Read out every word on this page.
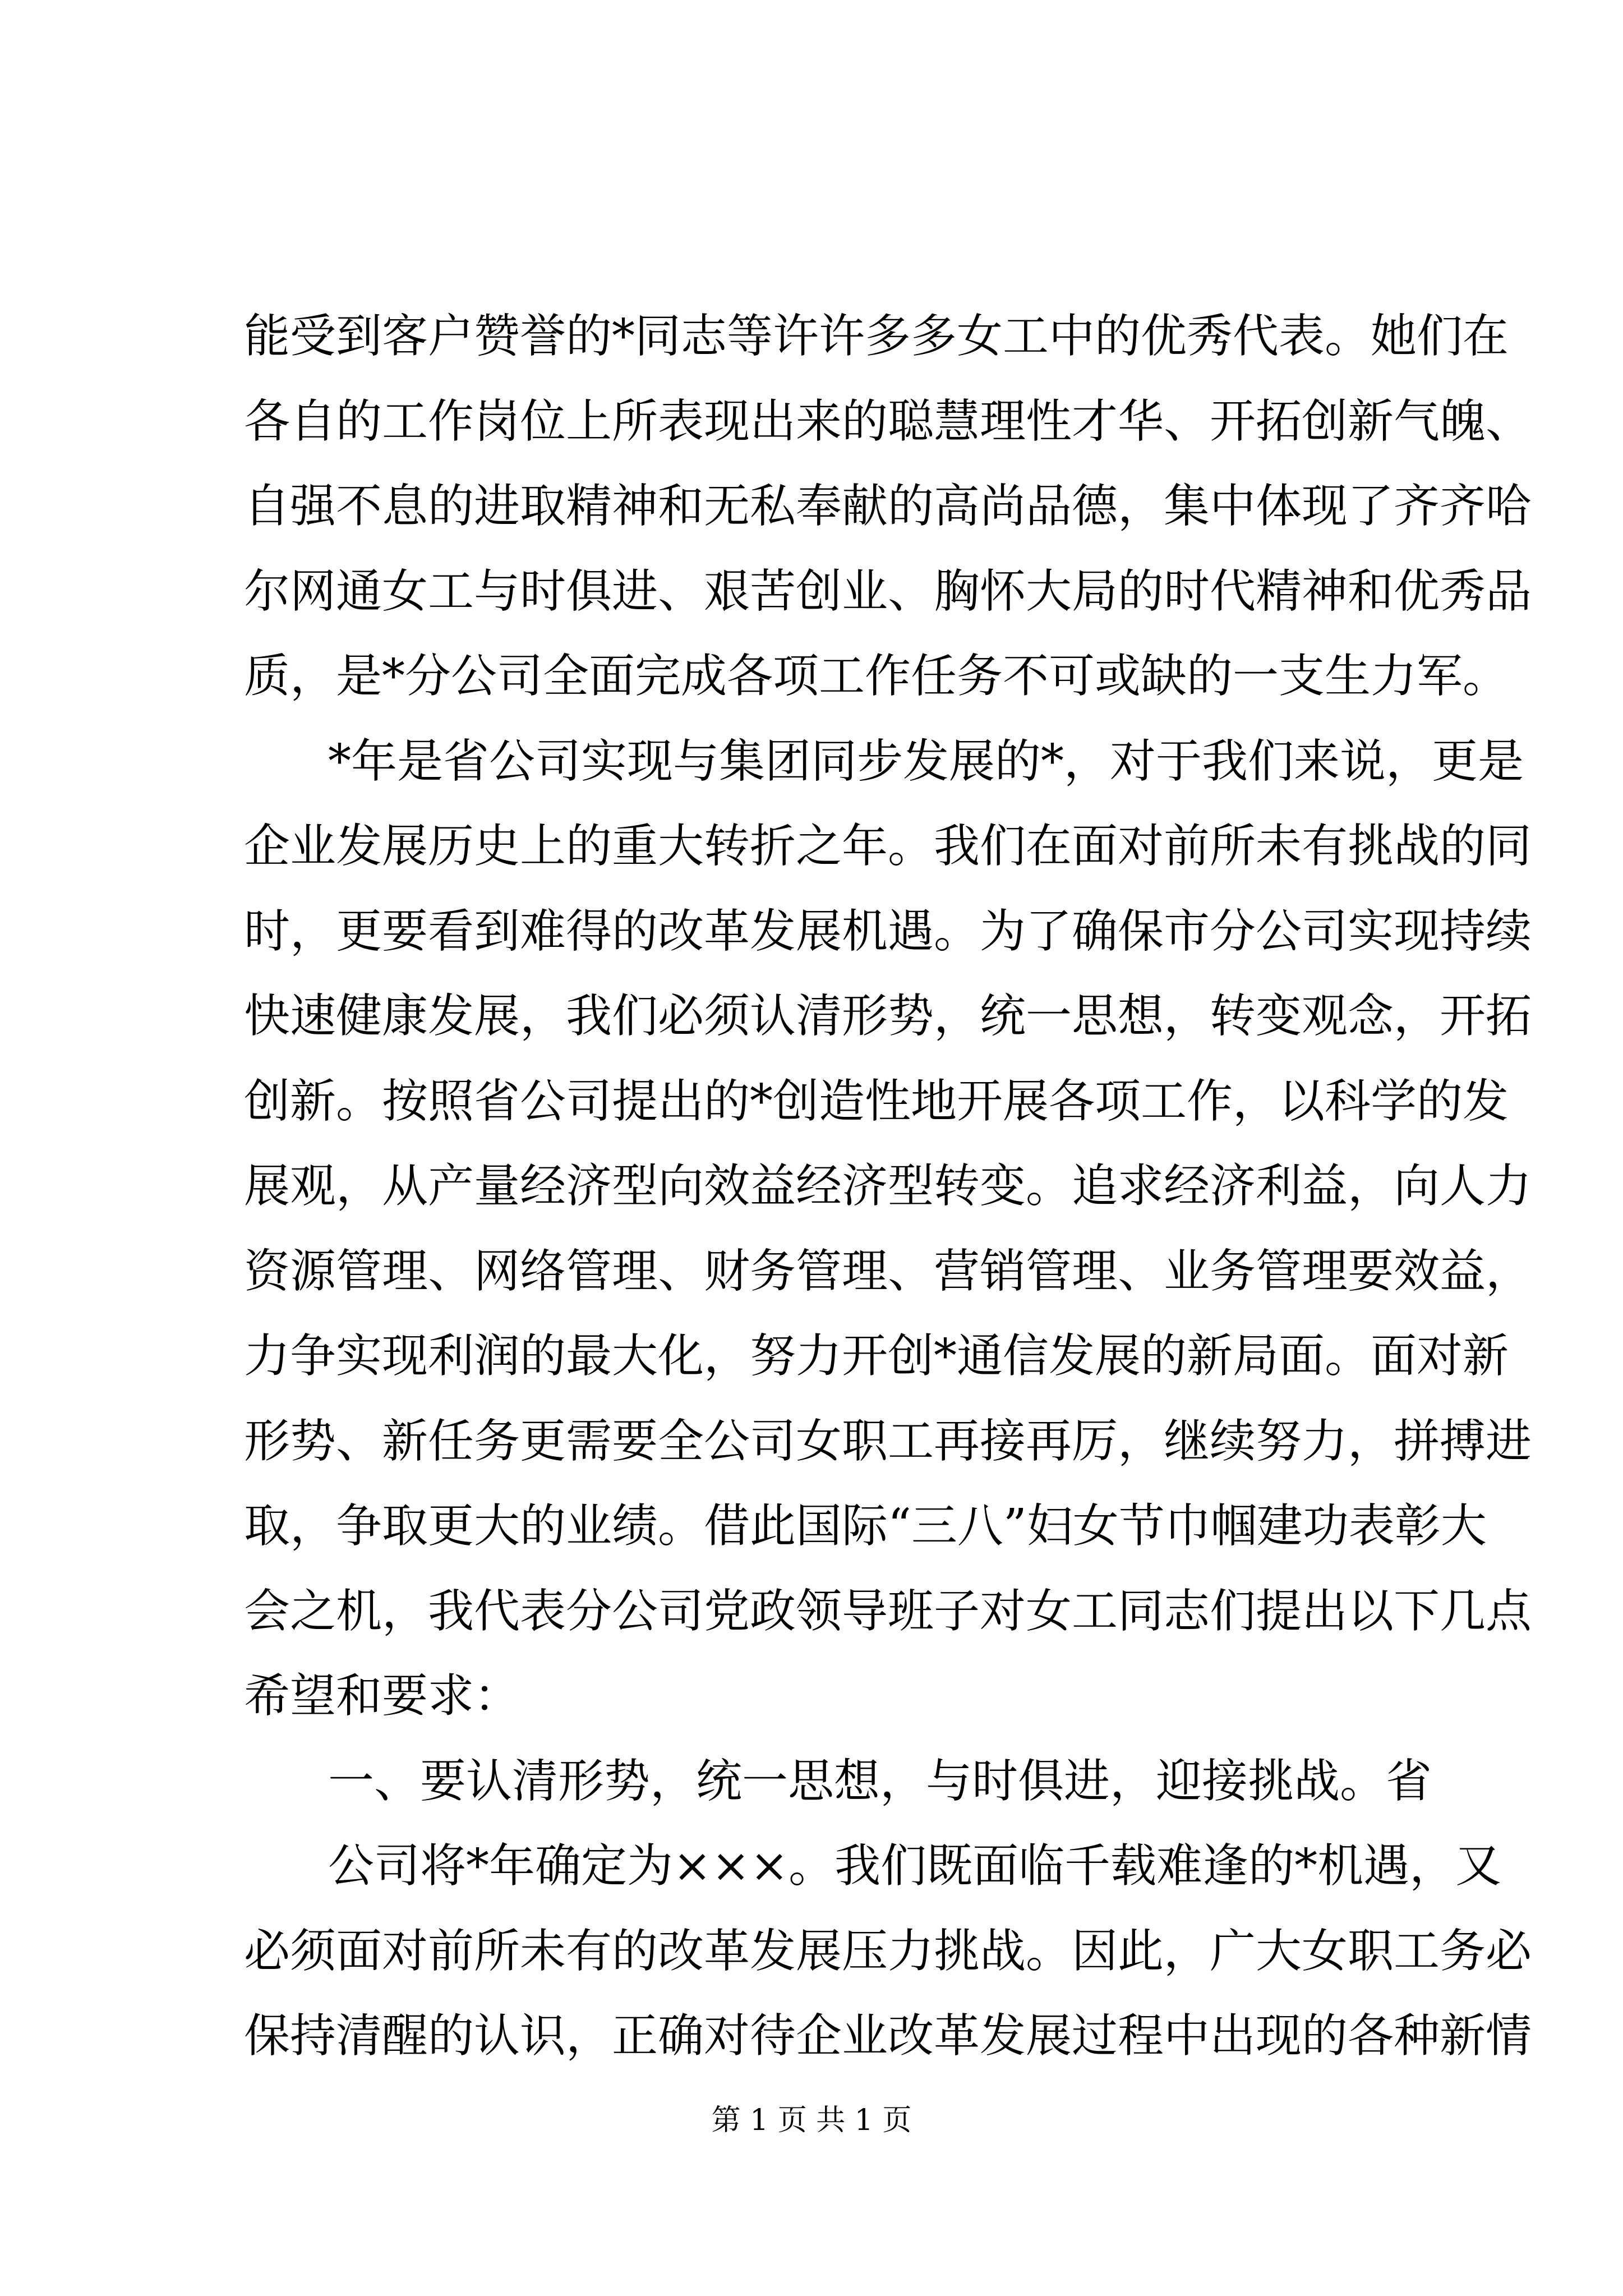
能受到客户赞誉的*同志等许许多多女工中的优秀代表。她们在
各自的工作岗位上所表现出来的聪慧理性才华、开拓创新气魄、
自强不息的进取精神和无私奉献的高尚品德，集中体现了齐齐哈
尔网通女工与时俱进、艰苦创业、胸怀大局的时代精神和优秀品
质，是*分公司全面完成各项工作任务不可或缺的一支生力军。
*年是省公司实现与集团同步发展的*，对于我们来说，更是
企业发展历史上的重大转折之年。我们在面对前所未有挑战的同
时，更要看到难得的改革发展机遇。为了确保市分公司实现持续
快速健康发展，我们必须认清形势，统一思想，转变观念，开拓
创新。按照省公司提出的*创造性地开展各项工作，以科学的发
展观，从产量经济型向效益经济型转变。追求经济利益，向人力
资源管理、网络管理、财务管理、营销管理、业务管理要效益，
力争实现利润的最大化，努力开创*通信发展的新局面。面对新
形势、新任务更需要全公司女职工再接再厉，继续努力，拼搏进
取，争取更大的业绩。借此国际“三八”妇女节巾帼建功表彰大
会之机，我代表分公司党政领导班子对女工同志们提出以下几点
希望和要求：
一、要认清形势，统一思想，与时俱进，迎接挑战。省
公司将*年确定为×××。我们既面临千载难逢的*机遇，又
必须面对前所未有的改革发展压力挑战。因此，广大女职工务必
保持清醒的认识，正确对待企业改革发展过程中出现的各种新情
第 1 页 共 1 页
